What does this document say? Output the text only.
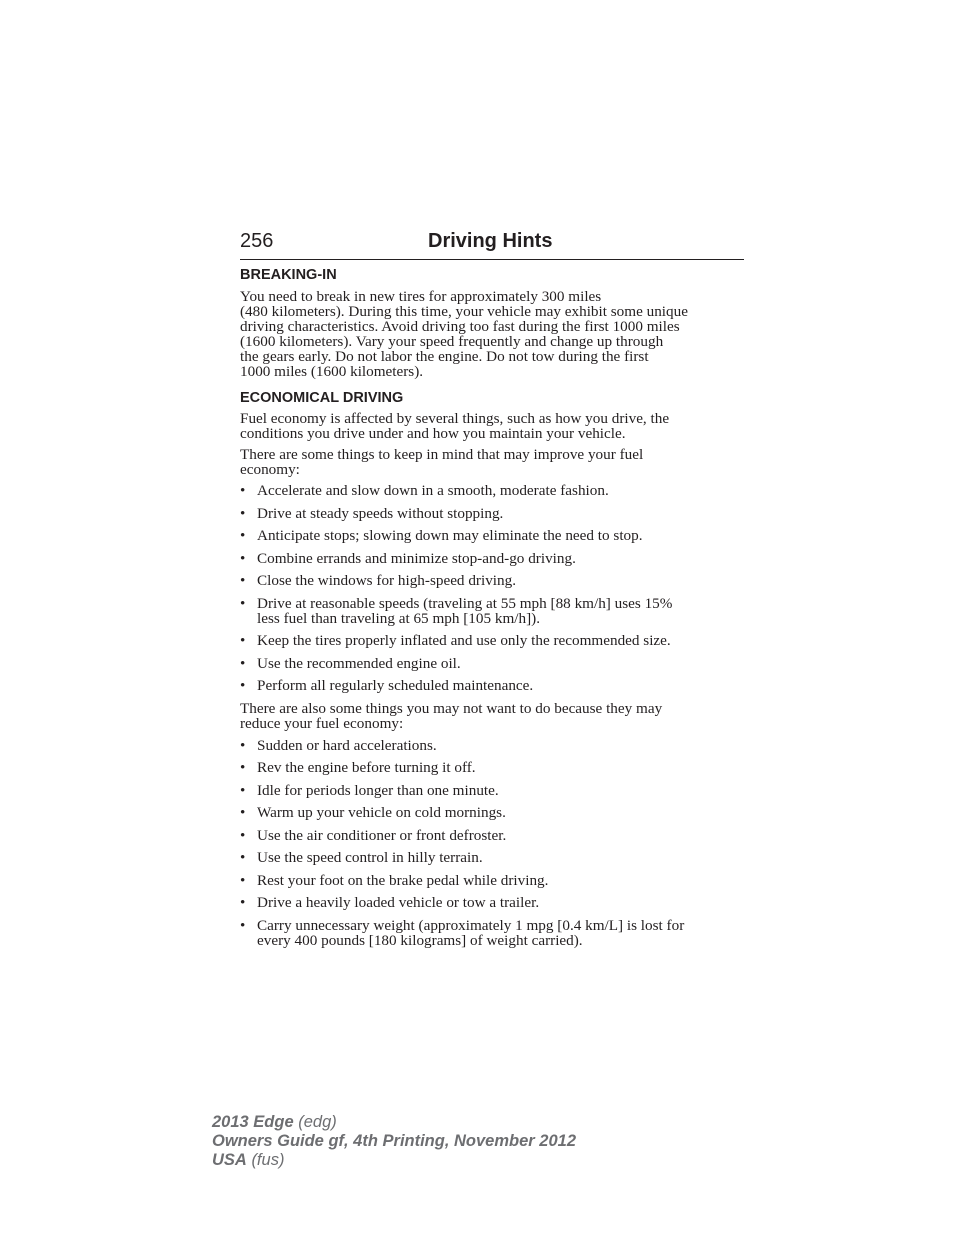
256	Driving Hints
BREAKING-IN

You need to break in new tires for approximately 300 miles
(480 kilometers). During this time, your vehicle may exhibit some unique
driving characteristics. Avoid driving too fast during the first 1000 miles
(1600 kilometers). Vary your speed frequently and change up through
the gears early. Do not labor the engine. Do not tow during the first
1000 miles (1600 kilometers).

ECONOMICAL DRIVING

Fuel economy is affected by several things, such as how you drive, the
conditions you drive under and how you maintain your vehicle.

There are some things to keep in mind that may improve your fuel
economy:

• Accelerate and slow down in a smooth, moderate fashion.
• Drive at steady speeds without stopping.
• Anticipate stops; slowing down may eliminate the need to stop.
• Combine errands and minimize stop-and-go driving.
• Close the windows for high-speed driving.
• Drive at reasonable speeds (traveling at 55 mph [88 km/h] uses 15%
less fuel than traveling at 65 mph [105 km/h]).
• Keep the tires properly inflated and use only the recommended size.
• Use the recommended engine oil.
• Perform all regularly scheduled maintenance.

There are also some things you may not want to do because they may
reduce your fuel economy:

• Sudden or hard accelerations.
• Rev the engine before turning it off.
• Idle for periods longer than one minute.
• Warm up your vehicle on cold mornings.
• Use the air conditioner or front defroster.
• Use the speed control in hilly terrain.
• Rest your foot on the brake pedal while driving.
• Drive a heavily loaded vehicle or tow a trailer.
• Carry unnecessary weight (approximately 1 mpg [0.4 km/L] is lost for
every 400 pounds [180 kilograms] of weight carried).
2013 Edge (edg)
Owners Guide gf, 4th Printing, November 2012
USA (fus)
